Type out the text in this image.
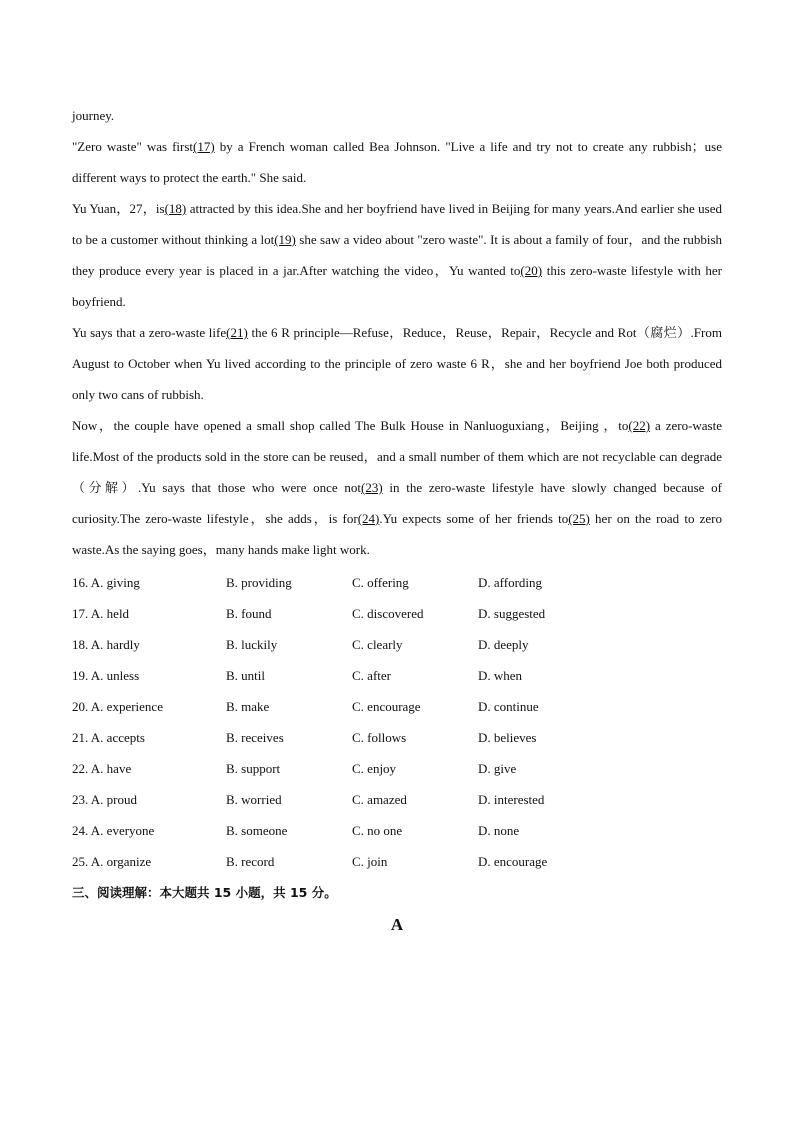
journey.

"Zero waste" was first(17) by a French woman called Bea Johnson. "Live a life and try not to create any rubbish；use different ways to protect the earth." She said.

Yu Yuan，27，is(18) attracted by this idea.She and her boyfriend have lived in Beijing for many years.And earlier she used to be a customer without thinking a lot(19) she saw a video about "zero waste". It is about a family of four，and the rubbish they produce every year is placed in a jar.After watching the video，Yu wanted to(20) this zero-waste lifestyle with her boyfriend.

Yu says that a zero-waste life(21) the 6 R principle—Refuse，Reduce，Reuse，Repair，Recycle and Rot（腐烂）.From August to October when Yu lived according to the principle of zero waste 6 R，she and her boyfriend Joe both produced only two cans of rubbish.

Now，the couple have opened a small shop called The Bulk House in Nanluoguxiang，Beijing ，to(22) a zero-waste life.Most of the products sold in the store can be reused，and a small number of them which are not recyclable can degrade（分解）.Yu says that those who were once not(23) in the zero-waste lifestyle have slowly changed because of curiosity.The zero-waste lifestyle，she adds，is for(24).Yu expects some of her friends to(25) her on the road to zero waste.As the saying goes，many hands make light work.

16. A. giving	B. providing	C. offering	D. affording
17. A. held	B. found	C. discovered	D. suggested
18. A. hardly	B. luckily	C. clearly	D. deeply
19. A. unless	B. until	C. after	D. when
20. A. experience	B. make	C. encourage	D. continue
21. A. accepts	B. receives	C. follows	D. believes
22. A. have	B. support	C. enjoy	D. give
23. A. proud	B. worried	C. amazed	D. interested
24. A. everyone	B. someone	C. no one	D. none
25. A. organize	B. record	C. join	D. encourage
三、阅读理解：本大题共 15 小题，共 15 分。
A
